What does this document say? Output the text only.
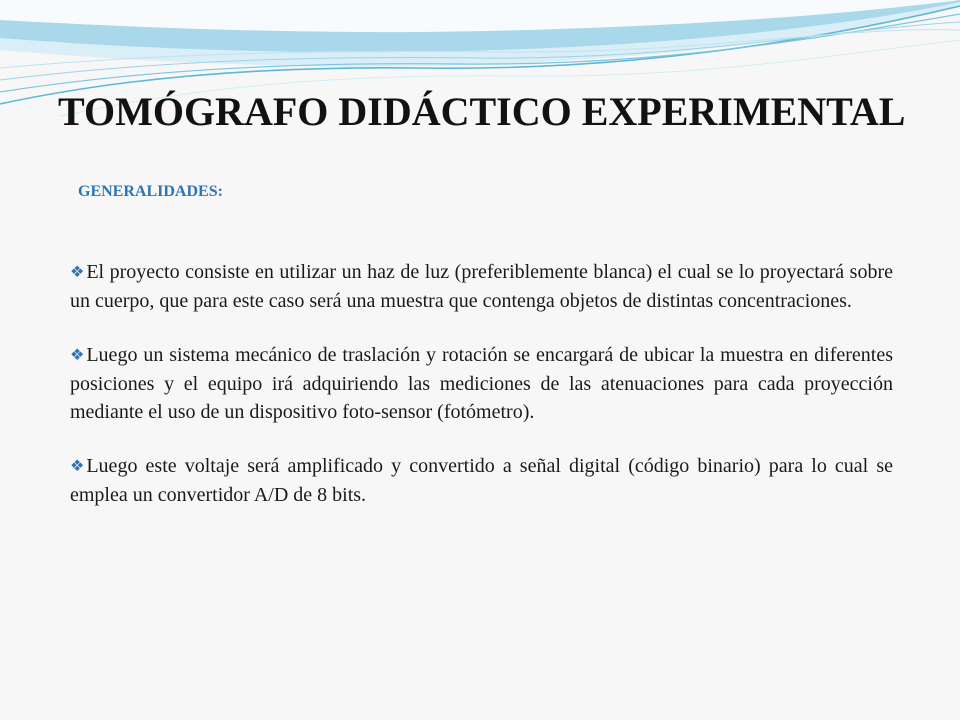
TOMÓGRAFO DIDÁCTICO EXPERIMENTAL
GENERALIDADES:
❖ El proyecto consiste en utilizar un haz de luz (preferiblemente blanca) el cual se lo proyectará sobre un cuerpo, que para este caso será una muestra que contenga objetos de distintas concentraciones.
❖ Luego un sistema mecánico de traslación y rotación se encargará de ubicar la muestra en diferentes posiciones y el equipo irá adquiriendo las mediciones de las atenuaciones para cada proyección mediante el uso de un dispositivo foto-sensor (fotómetro).
❖ Luego este voltaje será amplificado y convertido a señal digital (código binario) para lo cual se emplea un convertidor A/D de 8 bits.
